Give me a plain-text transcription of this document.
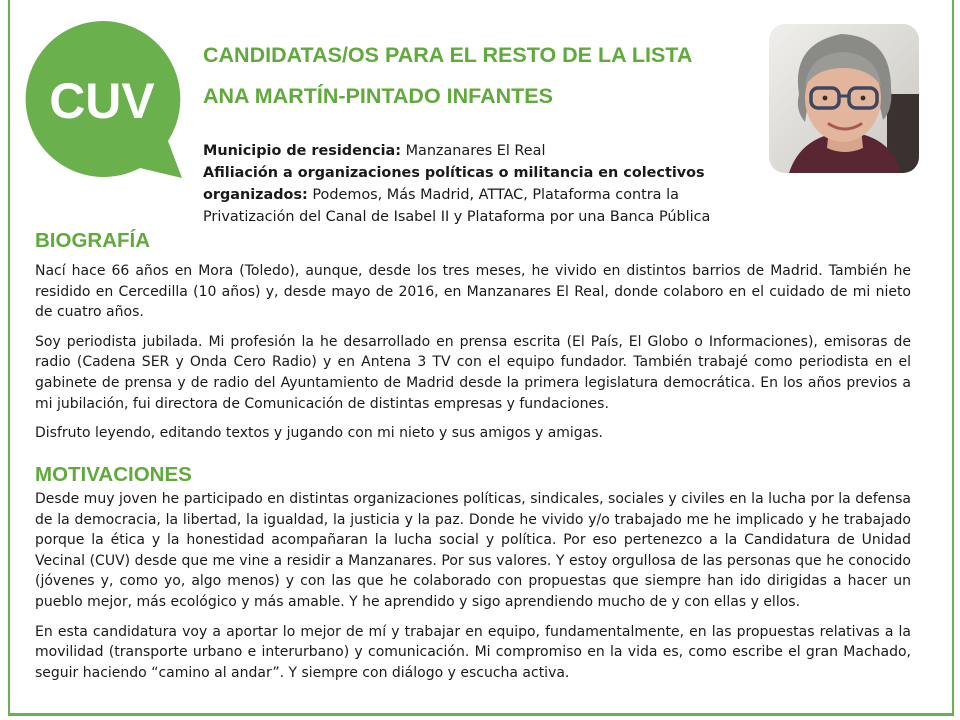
CUV
CANDIDATAS/OS PARA EL RESTO DE LA LISTA
ANA MARTÍN-PINTADO INFANTES

Municipio de residencia: Manzanares El Real

Afiliación a organizaciones políticas o militancia en colectivos organizados: Podemos, Más Madrid, ATTAC, Plataforma contra la Privatización del Canal de Isabel II y Plataforma por una Banca Pública

BIOGRAFÍA

Nací hace 66 años en Mora (Toledo), aunque, desde los tres meses, he vivido en distintos barrios de Madrid. También he residido en Cercedilla (10 años) y, desde mayo de 2016, en Manzanares El Real, donde colaboro en el cuidado de mi nieto de cuatro años.

Soy periodista jubilada. Mi profesión la he desarrollado en prensa escrita (El País, El Globo o Informaciones), emisoras de radio (Cadena SER y Onda Cero Radio) y en Antena 3 TV con el equipo fundador. También trabajé como periodista en el gabinete de prensa y de radio del Ayuntamiento de Madrid desde la primera legislatura democrática. En los años previos a mi jubilación, fui directora de Comunicación de distintas empresas y fundaciones.

Disfruto leyendo, editando textos y jugando con mi nieto y sus amigos y amigas.

MOTIVACIONES

Desde muy joven he participado en distintas organizaciones políticas, sindicales, sociales y civiles en la lucha por la defensa de la democracia, la libertad, la igualdad, la justicia y la paz. Donde he vivido y/o trabajado me he implicado y he trabajado porque la ética y la honestidad acompañaran la lucha social y política. Por eso pertenezco a la Candidatura de Unidad Vecinal (CUV) desde que me vine a residir a Manzanares. Por sus valores. Y estoy orgullosa de las personas que he conocido (jóvenes y, como yo, algo menos) y con las que he colaborado con propuestas que siempre han ido dirigidas a hacer un pueblo mejor, más ecológico y más amable. Y he aprendido y sigo aprendiendo mucho de y con ellas y ellos.

En esta candidatura voy a aportar lo mejor de mí y trabajar en equipo, fundamentalmente, en las propuestas relativas a la movilidad (transporte urbano e interurbano) y comunicación. Mi compromiso en la vida es, como escribe el gran Machado, seguir haciendo “camino al andar”. Y siempre con diálogo y escucha activa.
